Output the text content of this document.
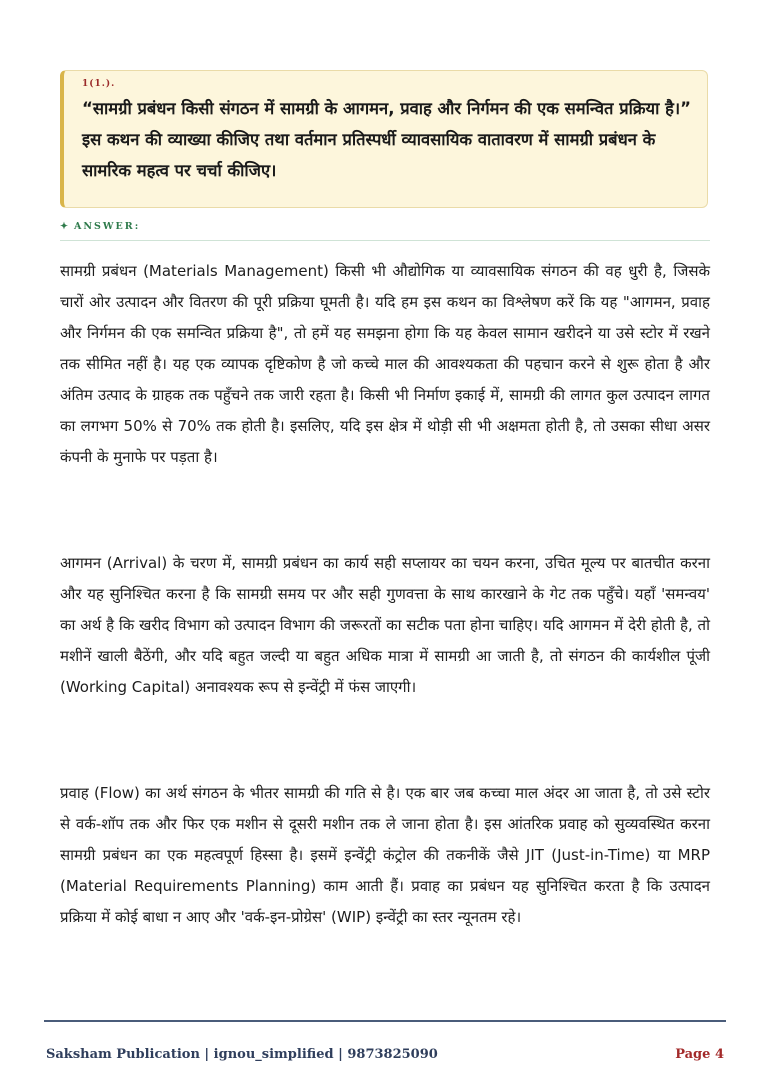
1(1.).
“सामग्री प्रबंधन किसी संगठन में सामग्री के आगमन, प्रवाह और निर्गमन की एक समन्वित प्रक्रिया है।” इस कथन की व्याख्या कीजिए तथा वर्तमान प्रतिस्पर्धी व्यावसायिक वातावरण में सामग्री प्रबंधन के सामरिक महत्व पर चर्चा कीजिए।
✦ ANSWER:
सामग्री प्रबंधन (Materials Management) किसी भी औद्योगिक या व्यावसायिक संगठन की वह धुरी है, जिसके चारों ओर उत्पादन और वितरण की पूरी प्रक्रिया घूमती है। यदि हम इस कथन का विश्लेषण करें कि यह "आगमन, प्रवाह और निर्गमन की एक समन्वित प्रक्रिया है", तो हमें यह समझना होगा कि यह केवल सामान खरीदने या उसे स्टोर में रखने तक सीमित नहीं है। यह एक व्यापक दृष्टिकोण है जो कच्चे माल की आवश्यकता की पहचान करने से शुरू होता है और अंतिम उत्पाद के ग्राहक तक पहुँचने तक जारी रहता है। किसी भी निर्माण इकाई में, सामग्री की लागत कुल उत्पादन लागत का लगभग 50% से 70% तक होती है। इसलिए, यदि इस क्षेत्र में थोड़ी सी भी अक्षमता होती है, तो उसका सीधा असर कंपनी के मुनाफे पर पड़ता है।
आगमन (Arrival) के चरण में, सामग्री प्रबंधन का कार्य सही सप्लायर का चयन करना, उचित मूल्य पर बातचीत करना और यह सुनिश्चित करना है कि सामग्री समय पर और सही गुणवत्ता के साथ कारखाने के गेट तक पहुँचे। यहाँ 'समन्वय' का अर्थ है कि खरीद विभाग को उत्पादन विभाग की जरूरतों का सटीक पता होना चाहिए। यदि आगमन में देरी होती है, तो मशीनें खाली बैठेंगी, और यदि बहुत जल्दी या बहुत अधिक मात्रा में सामग्री आ जाती है, तो संगठन की कार्यशील पूंजी (Working Capital) अनावश्यक रूप से इन्वेंट्री में फंस जाएगी।
प्रवाह (Flow) का अर्थ संगठन के भीतर सामग्री की गति से है। एक बार जब कच्चा माल अंदर आ जाता है, तो उसे स्टोर से वर्क-शॉप तक और फिर एक मशीन से दूसरी मशीन तक ले जाना होता है। इस आंतरिक प्रवाह को सुव्यवस्थित करना सामग्री प्रबंधन का एक महत्वपूर्ण हिस्सा है। इसमें इन्वेंट्री कंट्रोल की तकनीकें जैसे JIT (Just-in-Time) या MRP (Material Requirements Planning) काम आती हैं। प्रवाह का प्रबंधन यह सुनिश्चित करता है कि उत्पादन प्रक्रिया में कोई बाधा न आए और 'वर्क-इन-प्रोग्रेस' (WIP) इन्वेंट्री का स्तर न्यूनतम रहे।
Saksham Publication | ignou_simplified | 9873825090	Page 4
